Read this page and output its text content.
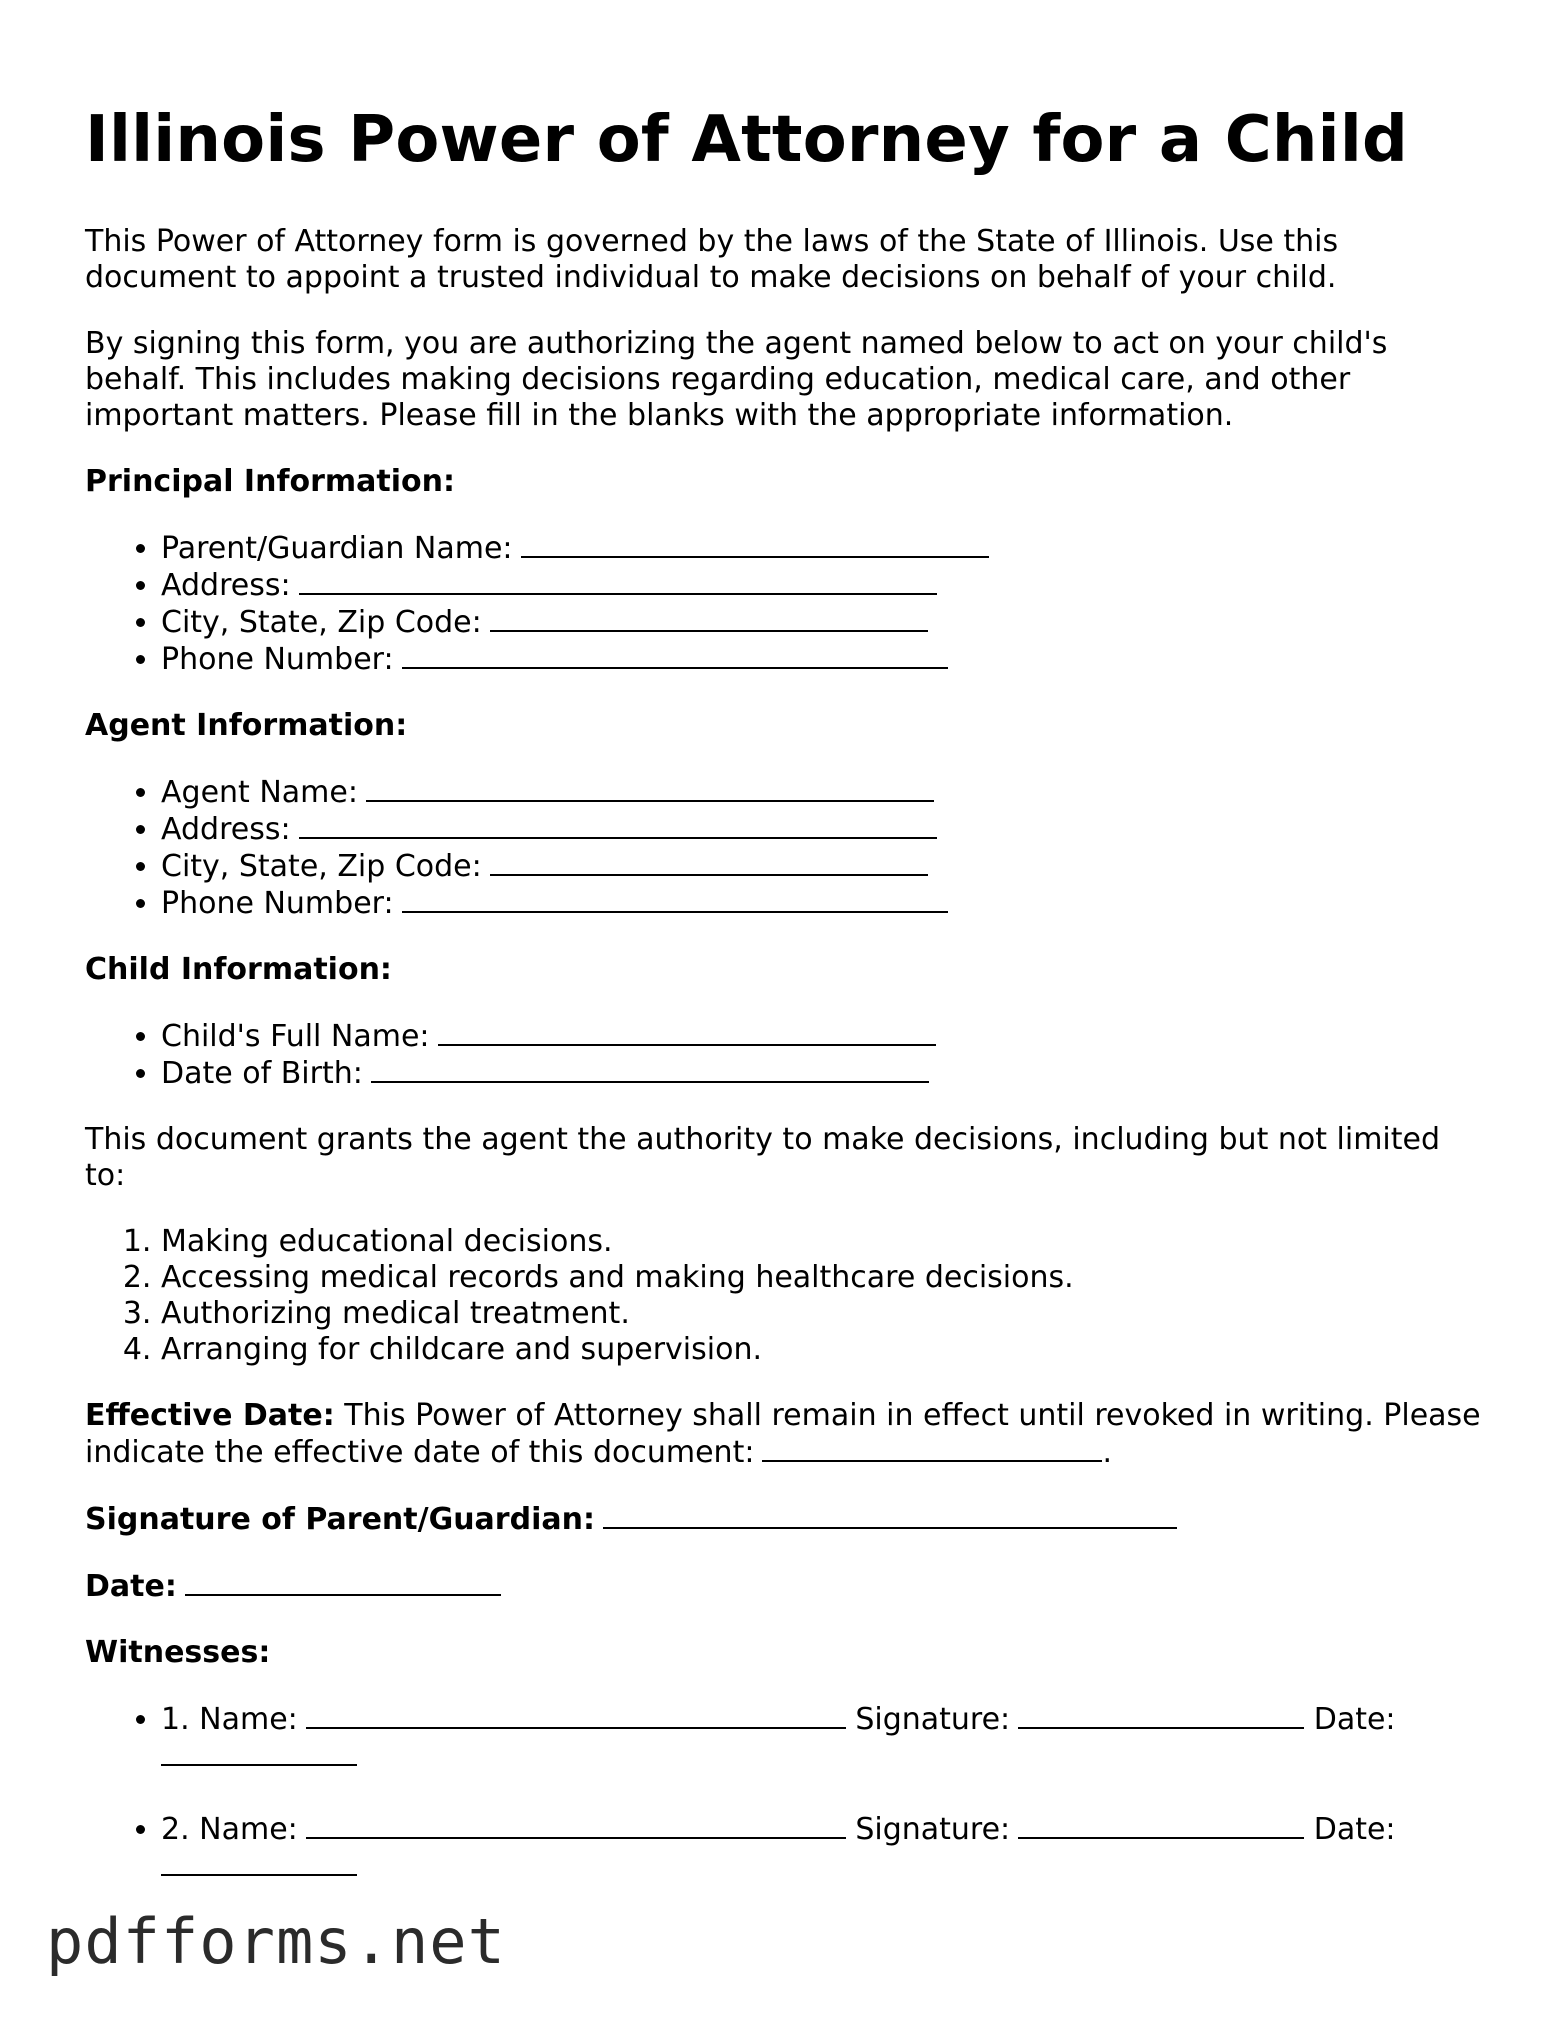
Illinois Power of Attorney for a Child

This Power of Attorney form is governed by the laws of the State of Illinois. Use this document to appoint a trusted individual to make decisions on behalf of your child.

By signing this form, you are authorizing the agent named below to act on your child's behalf. This includes making decisions regarding education, medical care, and other important matters. Please fill in the blanks with the appropriate information.

Principal Information:

• Parent/Guardian Name:
• Address:
• City, State, Zip Code:
• Phone Number:

Agent Information:

• Agent Name:
• Address:
• City, State, Zip Code:
• Phone Number:

Child Information:

• Child's Full Name:
• Date of Birth:

This document grants the agent the authority to make decisions, including but not limited to:

1. Making educational decisions.
2. Accessing medical records and making healthcare decisions.
3. Authorizing medical treatment.
4. Arranging for childcare and supervision.

Effective Date: This Power of Attorney shall remain in effect until revoked in writing. Please indicate the effective date of this document:	.

Signature of Parent/Guardian:

Date:

Witnesses:

• 1. Name:	Signature:	Date:
• 2. Name:	Signature:	Date:
pdfforms.net
